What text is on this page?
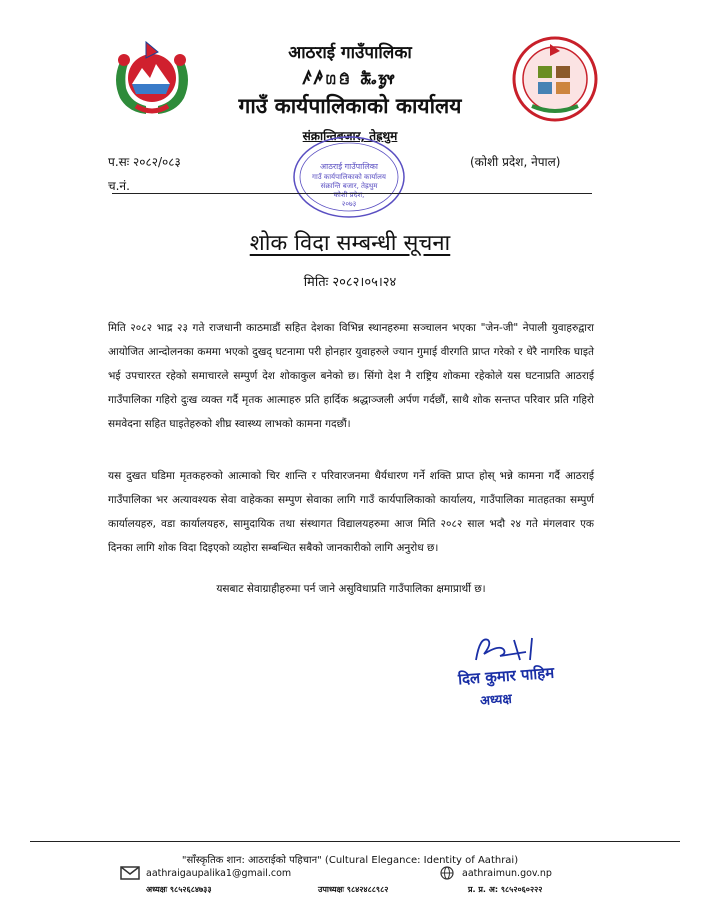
आठराई गाउँपालिका
ꤰꤳꤛꤢꤨ ᤊᤠᤱᤃᤢᤶ
गाउँ कार्यपालिकाको कार्यालय
संक्रान्तिबजार, तेह्रथुम
प.सः २०८२/०८३
च.नं.
(कोशी प्रदेश, नेपाल)
आठराई गाउँपालिका
गाउँ कार्यपालिकाको कार्यालय
संक्रान्ति बजार, तेह्रथुम
कोशी प्रदेश,
२०७३
शोक विदा सम्बन्धी सूचना
मितिः २०८२।०५।२४
मिति २०८२ भाद्र २३ गते राजधानी काठमाडौं सहित देशका विभिन्न स्थानहरुमा सञ्चालन भएका "जेन-जी" नेपाली युवाहरुद्वारा आयोजित आन्दोलनका कममा भएको दुखद् घटनामा परी होनहार युवाहरुले ज्यान गुमाई वीरगति प्राप्त गरेको र धेरै नागरिक घाइते भई उपचाररत रहेको समाचारले सम्पुर्ण देश शोकाकुल बनेको छ। सिंगो देश नै राष्ट्रिय शोकमा रहेकोले यस घटनाप्रति आठराई गाउँपालिका गहिरो दुःख व्यक्त गर्दै मृतक आत्माहरु प्रति हार्दिक श्रद्धाञ्जली अर्पण गर्दछौं, साथै शोक सन्तप्त परिवार प्रति गहिरो समवेदना सहित घाइतेहरुको शीघ्र स्वास्थ्य लाभको कामना गदछौं।
यस दुखत घडिमा मृतकहरुको आत्माको चिर शान्ति र परिवारजनमा धैर्यधारण गर्ने शक्ति प्राप्त होस् भन्ने कामना गर्दै आठराई गाउँपालिका भर अत्यावश्यक सेवा वाहेकका सम्पुण सेवाका लागि गाउँ कार्यपालिकाको कार्यालय, गाउँपालिका मातहतका सम्पुर्ण कार्यालयहरु, वडा कार्यालयहरु, सामुदायिक तथा संस्थागत विद्यालयहरुमा आज मिति २०८२ साल भदौ २४ गते मंगलवार एक दिनका लागि शोक विदा दिइएको व्यहोरा सम्बन्धित सबैको जानकारीको लागि अनुरोध छ।
यसबाट सेवाग्राहीहरुमा पर्न जाने असुविधाप्रति गाउँपालिका क्षमाप्रार्थी छ।
दिल कुमार पाहिम
अध्यक्ष
"साँस्कृतिक शान: आठराईको पहिचान" (Cultural Elegance: Identity of Aathrai)
aathraigaupalika1@gmail.com	aathraimun.gov.np
अध्यक्षः ९८५२६८४७३३	उपाध्यक्षः ९८४२४८८९८२	प्र. प्र. अ: ९८५२०६०२२२
